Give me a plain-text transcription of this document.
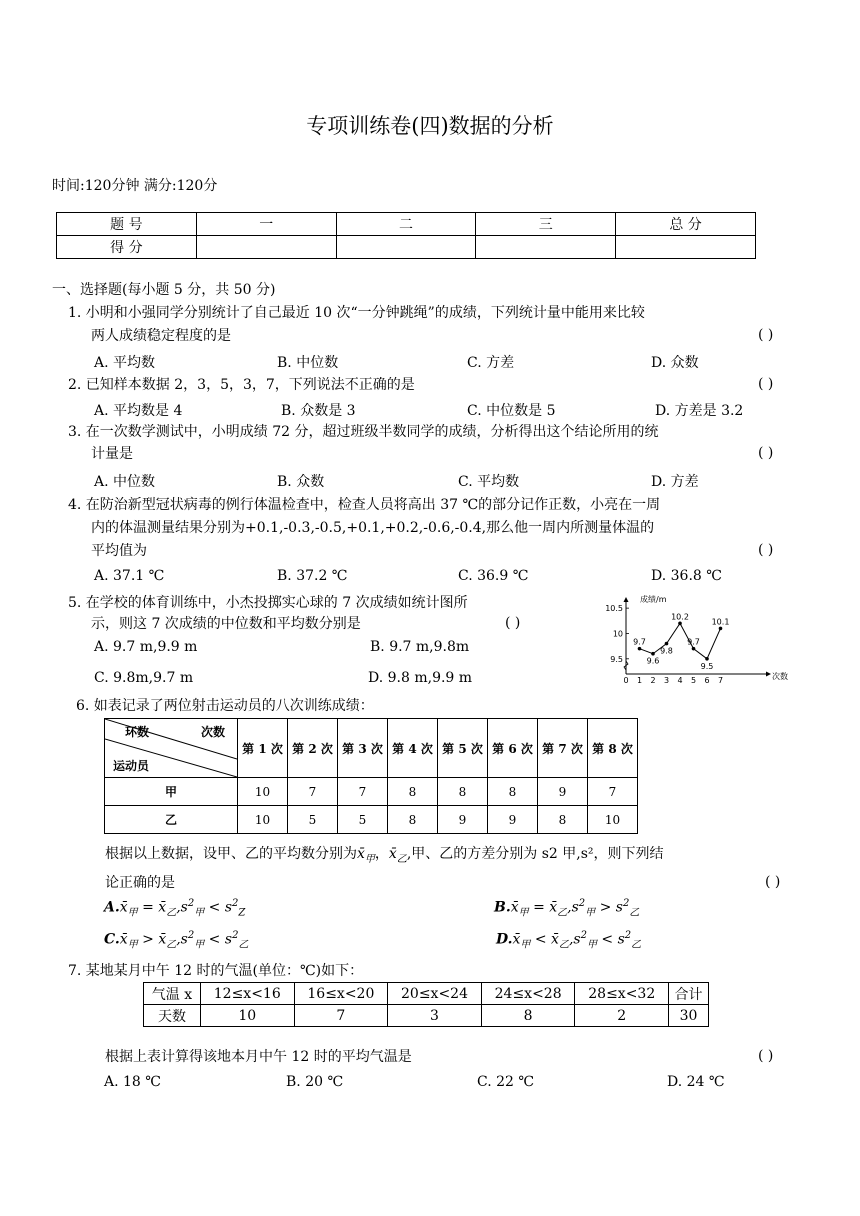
专项训练卷(四)数据的分析
时间:120分钟 满分:120分
题 号	一	二	三	总 分
得 分				
一、选择题(每小题 5 分，共 50 分)
1. 小明和小强同学分别统计了自己最近 10 次“一分钟跳绳”的成绩，下列统计量中能用来比较
两人成绩稳定程度的是	( )
A. 平均数	B. 中位数	C. 方差	D. 众数
2. 已知样本数据 2，3，5，3，7，下列说法不正确的是	( )
A. 平均数是 4	B. 众数是 3	C. 中位数是 5	D. 方差是 3.2
3. 在一次数学测试中，小明成绩 72 分，超过班级半数同学的成绩，分析得出这个结论所用的统
计量是	( )
A. 中位数	B. 众数	C. 平均数	D. 方差
4. 在防治新型冠状病毒的例行体温检查中，检查人员将高出 37 ℃的部分记作正数，小亮在一周
内的体温测量结果分别为+0.1,-0.3,-0.5,+0.1,+0.2,-0.6,-0.4,那么他一周内所测量体温的
平均值为	( )
A. 37.1 ℃	B. 37.2 ℃	C. 36.9 ℃	D. 36.8 ℃
5. 在学校的体育训练中，小杰投掷实心球的 7 次成绩如统计图所
示，则这 7 次成绩的中位数和平均数分别是	( )
A. 9.7 m,9.9 m	B. 9.7 m,9.8m
C. 9.8m,9.7 m	D. 9.8 m,9.9 m
9.5
10
10.5
0 1 2 3 4 5 6 7
9.7
9.6
9.8
10.2
9.7
9.5
10.1
成绩/m
次数
6. 如表记录了两位射击运动员的八次训练成绩：
环数 次数
运动员	第 1 次	第 2 次	第 3 次	第 4 次	第 5 次	第 6 次	第 7 次	第 8 次
甲	10	7	7	8	8	8	9	7
乙	10	5	5	8	9	9	8	10
根据以上数据，设甲、乙的平均数分别为$x̄_甲$，$x̄_乙$,甲、乙的方差分别为 s2 甲,s²，则下列结
论正确的是	( )
$A.x̄_甲$ = $x̄_乙,s^2_甲 < s^2_Z$	$B.x̄_甲$ = $x̄_乙,s^2_甲 > s^2_乙$
$C.x̄_甲$ > $x̄_乙,s^2_甲 < s^2_乙$	$D.x̄_甲$ < $x̄_乙,s^2_甲 < s^2_乙$
7. 某地某月中午 12 时的气温(单位：℃)如下：
气温 x	12≤x<16	16≤x<20	20≤x<24	24≤x<28	28≤x<32	合计
天数	10	7	3	8	2	30
根据上表计算得该地本月中午 12 时的平均气温是	( )
A. 18 ℃	B. 20 ℃	C. 22 ℃	D. 24 ℃
